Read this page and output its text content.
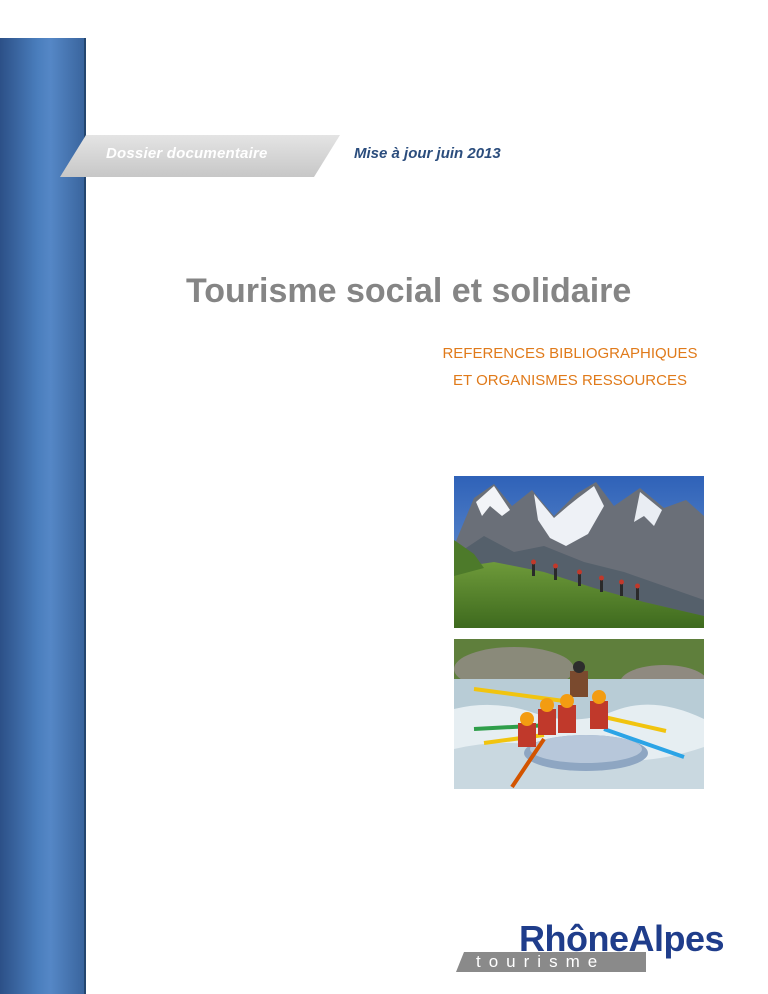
Dossier documentaire	Mise à jour juin 2013
Tourisme social et solidaire
REFERENCES BIBLIOGRAPHIQUES
ET ORGANISMES RESSOURCES
tourisme
RhôneAlpes
